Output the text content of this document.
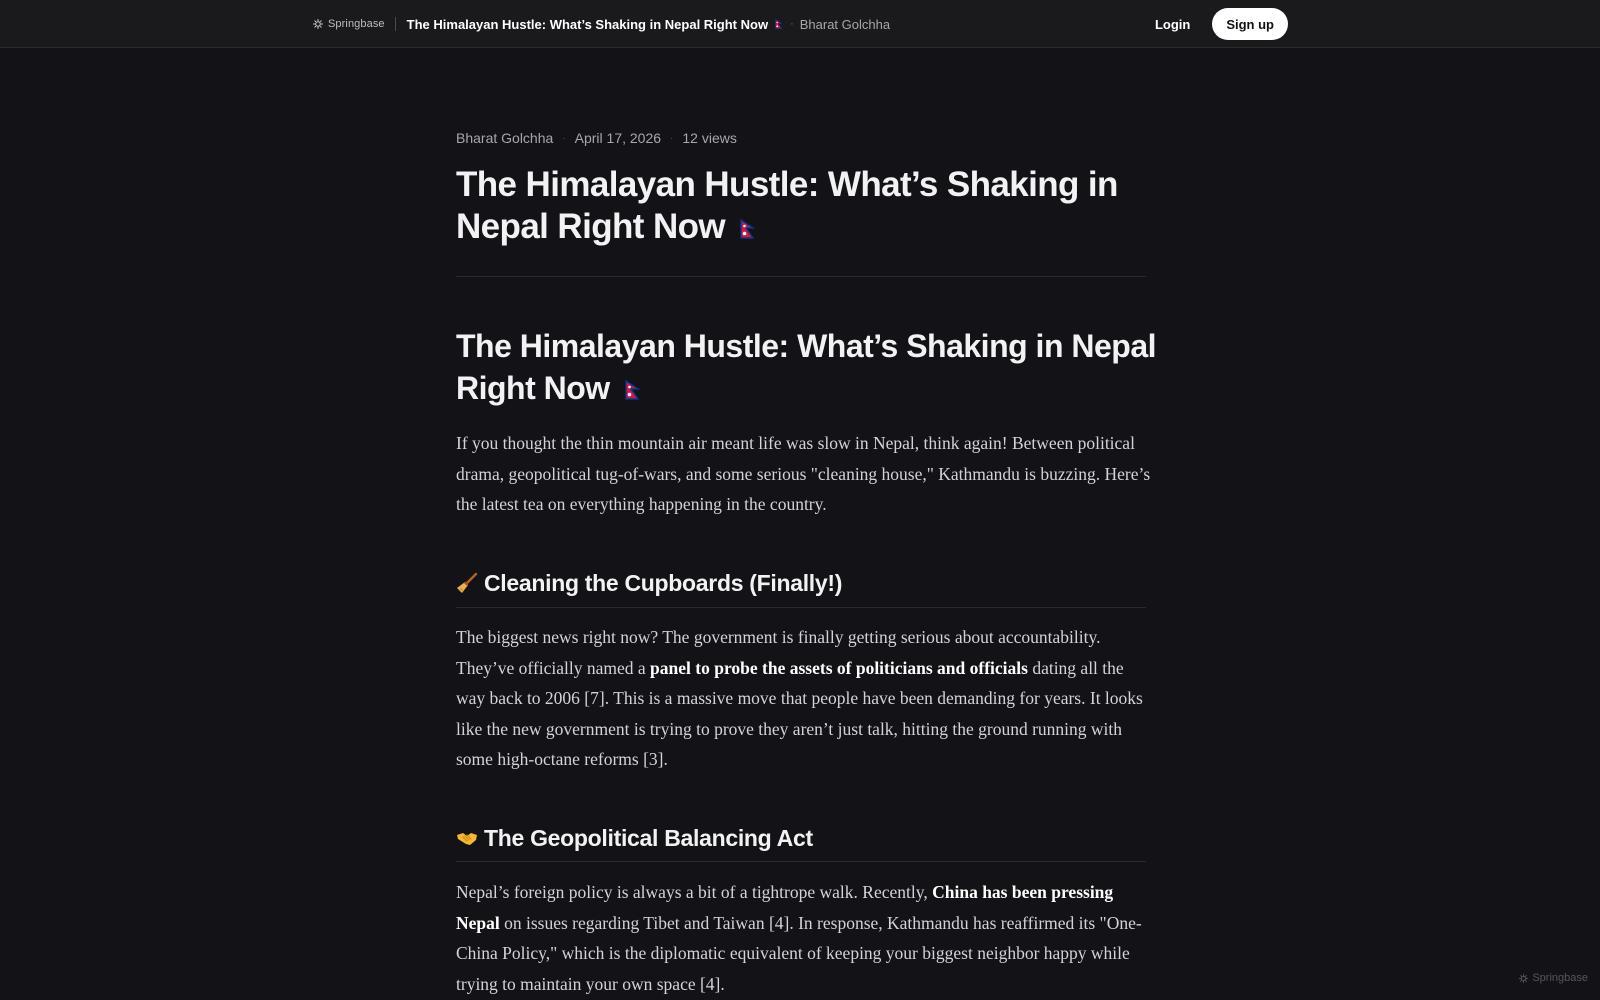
Springbase The Himalayan Hustle: What’s Shaking in Nepal Right Now · Bharat Golchha	Login	Sign up
Bharat Golchha · April 17, 2026 · 12 views
The Himalayan Hustle: What’s Shaking in Nepal Right Now
The Himalayan Hustle: What’s Shaking in Nepal Right Now

If you thought the thin mountain air meant life was slow in Nepal, think again! Between political drama, geopolitical tug-of-wars, and some serious "cleaning house," Kathmandu is buzzing. Here’s the latest tea on everything happening in the country.

Cleaning the Cupboards (Finally!)

The biggest news right now? The government is finally getting serious about accountability. They’ve officially named a panel to probe the assets of politicians and officials dating all the way back to 2006 [7]. This is a massive move that people have been demanding for years. It looks like the new government is trying to prove they aren’t just talk, hitting the ground running with some high-octane reforms [3].

The Geopolitical Balancing Act

Nepal’s foreign policy is always a bit of a tightrope walk. Recently, China has been pressing Nepal on issues regarding Tibet and Taiwan [4]. In response, Kathmandu has reaffirmed its "One-China Policy," which is the diplomatic equivalent of keeping your biggest neighbor happy while trying to maintain your own space [4].	Springbase
